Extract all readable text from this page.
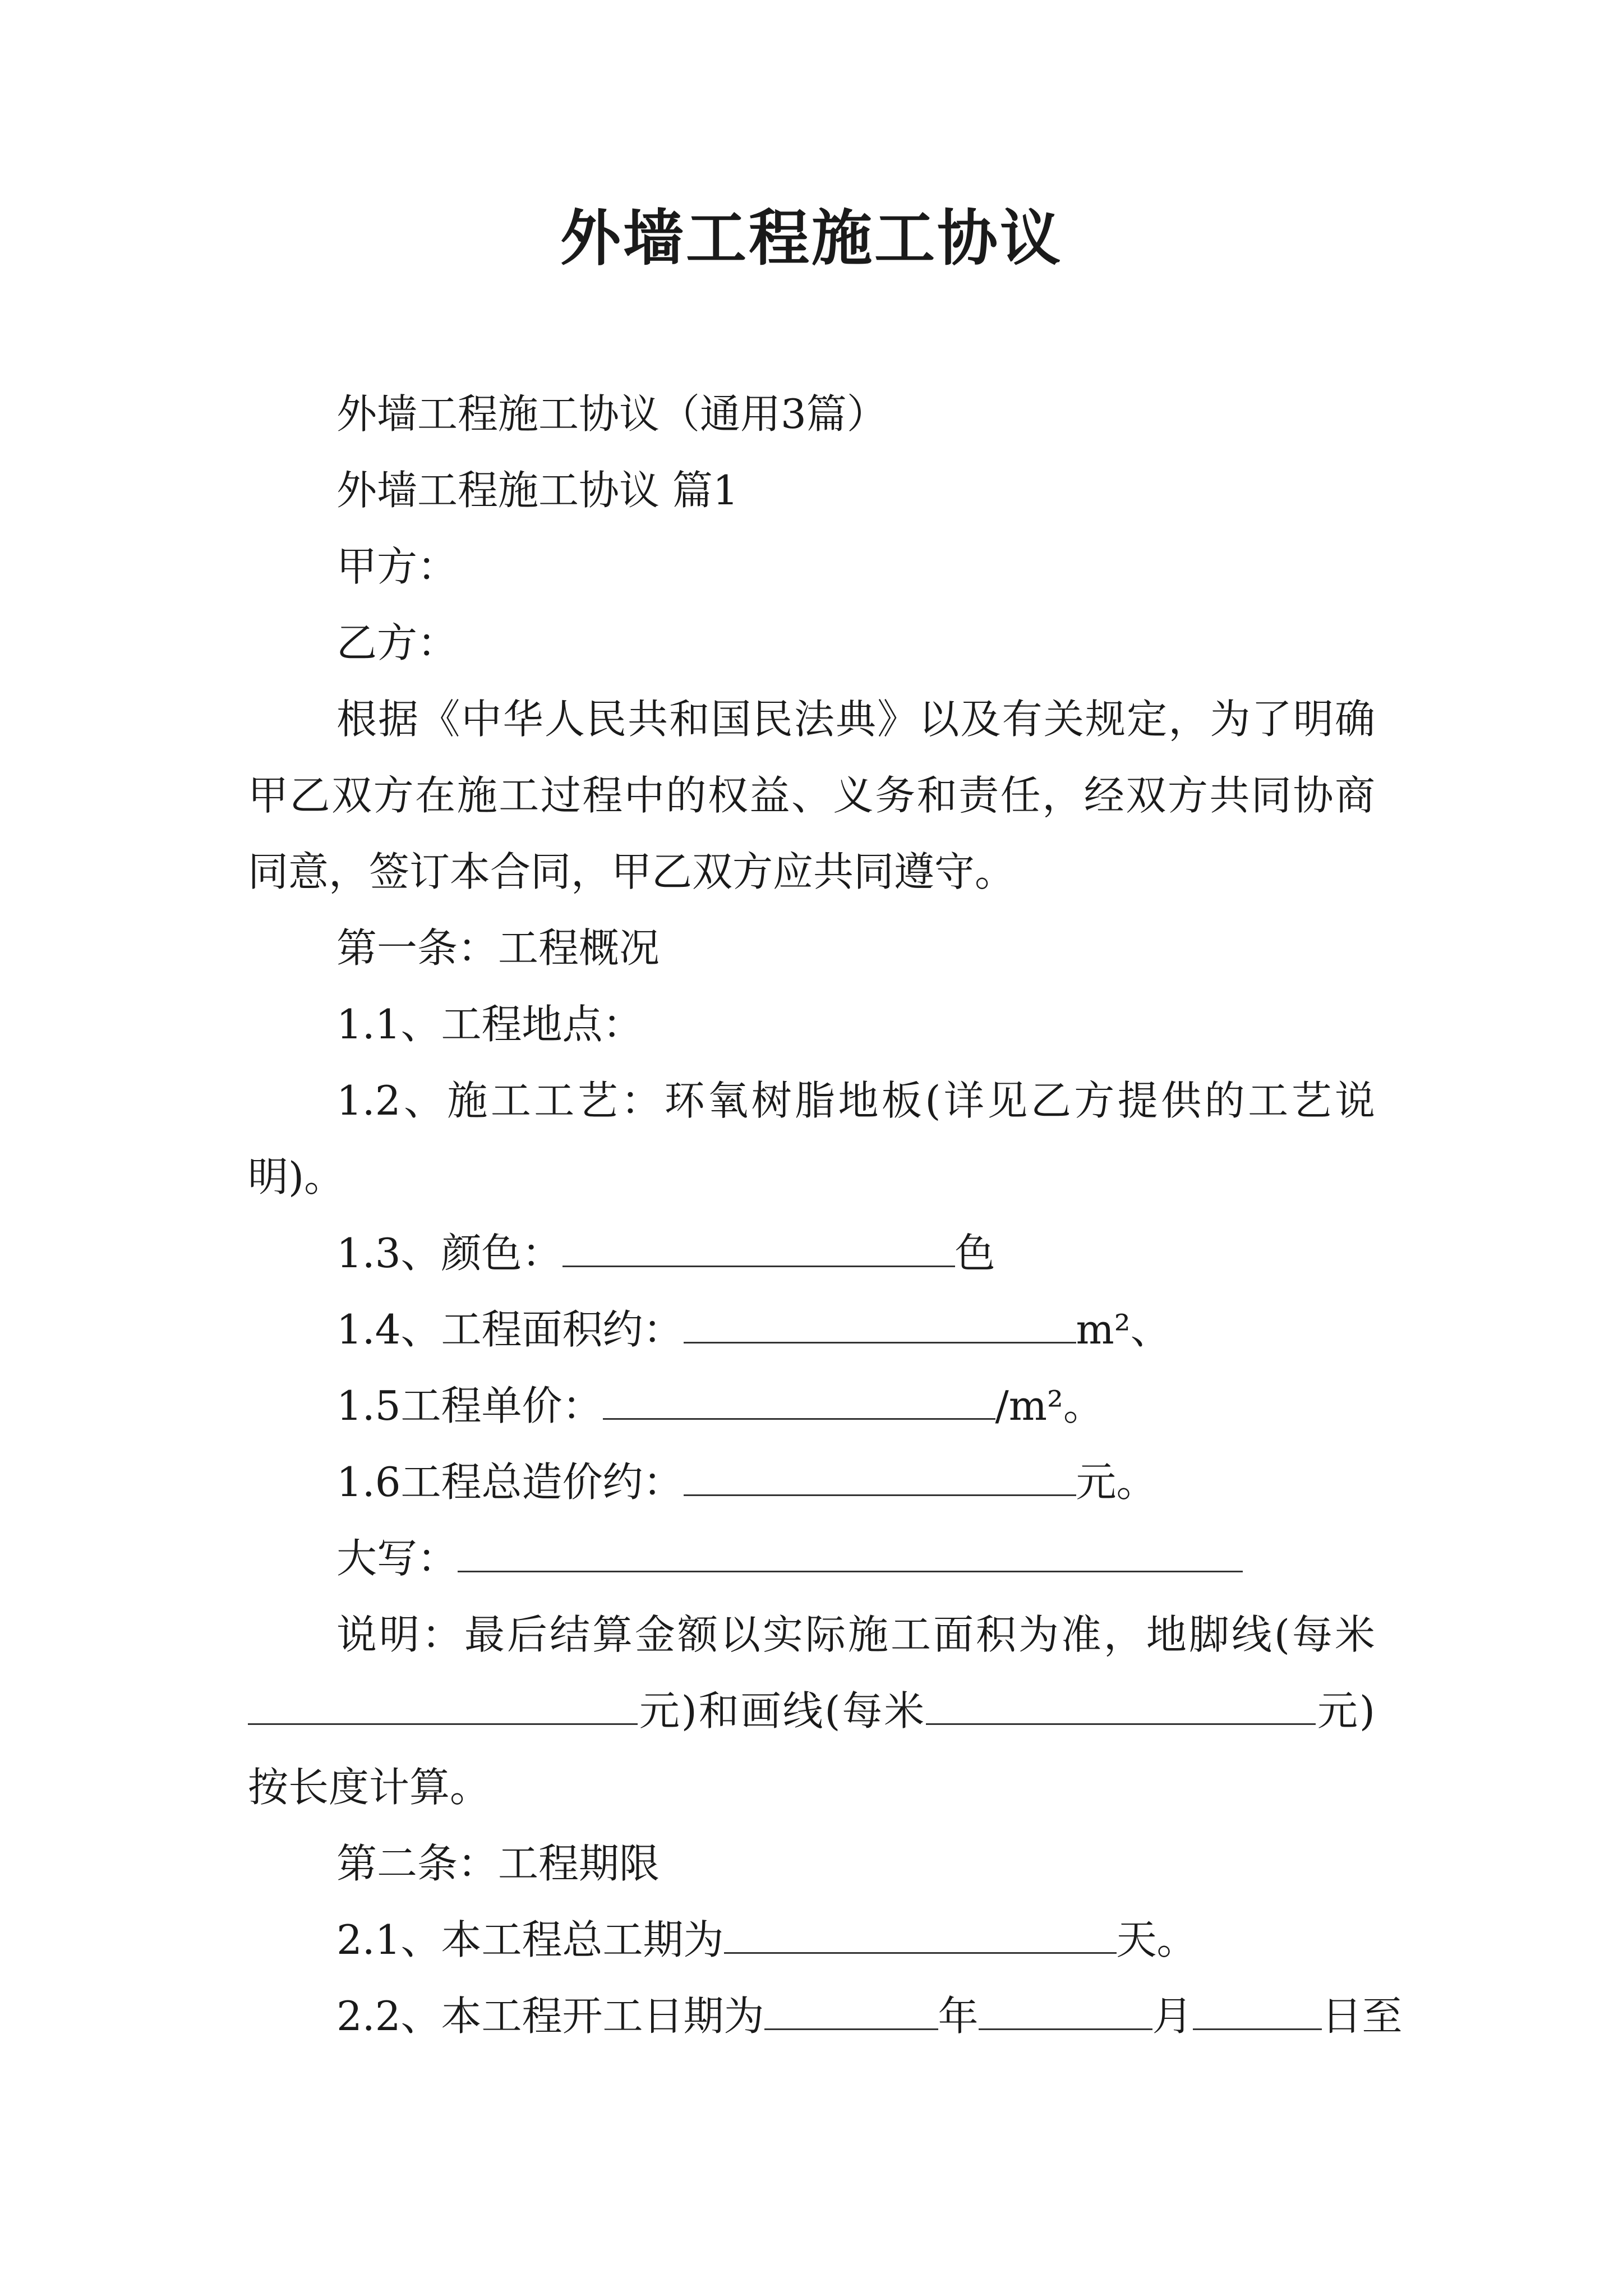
外墙工程施工协议
外墙工程施工协议（通用3篇）
外墙工程施工协议 篇1
甲方：
乙方：
根据《中华人民共和国民法典》以及有关规定，为了明确甲乙双方在施工过程中的权益、义务和责任，经双方共同协商同意，签订本合同，甲乙双方应共同遵守。
第一条：工程概况
1.1、工程地点：
1.2、施工工艺：环氧树脂地板(详见乙方提供的工艺说明)。
1.3、颜色：	色
1.4、工程面积约：	m²、
1.5工程单价：	/m²。
1.6工程总造价约：	元。
大写：
说明：最后结算金额以实际施工面积为准，地脚线(每米元)和画线(每米	元)按长度计算。
第二条：工程期限
2.1、本工程总工期为	天。
2.2、本工程开工日期为	年	月	日至
